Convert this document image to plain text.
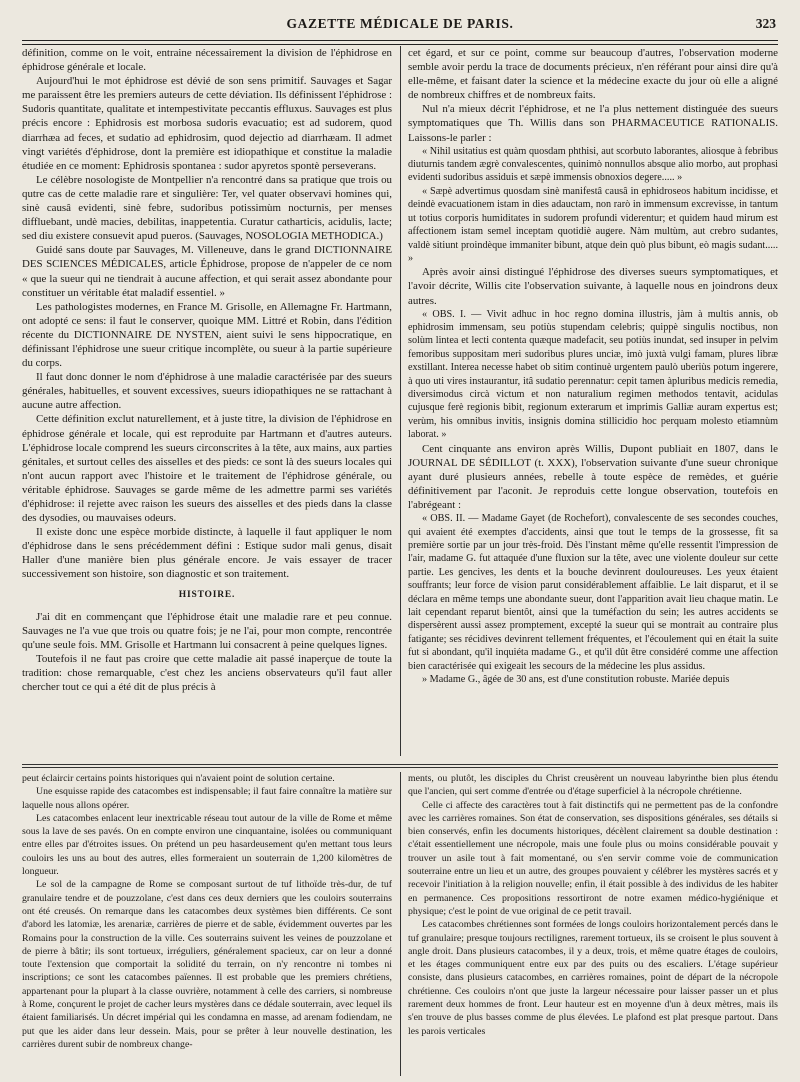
GAZETTE MÉDICALE DE PARIS.	323

définition, comme on le voit, entraine nécessairement la division de l'éphidrose en éphidrose générale et locale.

Aujourd'hui le mot éphidrose est dévié de son sens primitif. Sauvages et Sagar me paraissent être les premiers auteurs de cette déviation. Ils définissent l'éphidrose : Sudoris quantitate, qualitate et intempestivitate peccantis effluxus. Sauvages est plus précis encore : Ephidrosis est morbosa sudoris evacuatio; est ad sudorem, quod diarrhæa ad feces, et sudatio ad ephidrosim, quod dejectio ad diarrhæam. Il admet vingt variétés d'éphidrose, dont la première est idiopathique et constitue la maladie étudiée en ce moment: Ephidrosis spontanea : sudor apyretos spontè perseverans.

Le célèbre nosologiste de Montpellier n'a rencontré dans sa pratique que trois ou qutre cas de cette maladie rare et singulière: Ter, vel quater observavi homines qui, sinè causâ evidenti, sinè febre, sudoribus potissimùm nocturnis, per menses diffluebant, undè macies, debilitas, inappetentia. Curatur catharticis, acidulis, lacte; sed diu existere consuevit apud pueros. (Sauvages, NOSOLOGIA METHODICA.)

Guidé sans doute par Sauvages, M. Villeneuve, dans le grand DICTIONNAIRE DES SCIENCES MÉDICALES, article Éphidrose, propose de n'appeler de ce nom « que la sueur qui ne tiendrait à aucune affection, et qui serait assez abondante pour constituer un véritable état maladif essentiel. »

Les pathologistes modernes, en France M. Grisolle, en Allemagne Fr. Hartmann, ont adopté ce sens: il faut le conserver, quoique MM. Littré et Robin, dans l'édition récente du DICTIONNAIRE DE NYSTEN, aient suivi le sens hippocratique, en définissant l'éphidrose une sueur critique incomplète, ou sueur à la partie supérieure du corps.

Il faut donc donner le nom d'éphidrose à une maladie caractérisée par des sueurs générales, habituelles, et souvent excessives, sueurs idiopathiques ne se rattachant à aucune autre affection.

Cette définition exclut naturellement, et à juste titre, la division de l'éphidrose en éphidrose générale et locale, qui est reproduite par Hartmann et d'autres auteurs. L'éphidrose locale comprend les sueurs circonscrites à la tête, aux mains, aux parties génitales, et surtout celles des aisselles et des pieds: ce sont là des sueurs locales qui n'ont aucun rapport avec l'histoire et le traitement de l'éphidrose générale, ou véritable éphidrose. Sauvages se garde même de les admettre parmi ses variétés d'éphidrose: il rejette avec raison les sueurs des aisselles et des pieds dans la classe des dysodies, ou mauvaises odeurs.

Il existe donc une espèce morbide distincte, à laquelle il faut appliquer le nom d'éphidrose dans le sens précédemment défini : Estique sudor mali genus, disait Haller d'une manière bien plus générale encore. Je vais essayer de tracer successivement son histoire, son diagnostic et son traitement.

HISTOIRE.

J'ai dit en commençant que l'éphidrose était une maladie rare et peu connue. Sauvages ne l'a vue que trois ou quatre fois; je ne l'ai, pour mon compte, rencontrée qu'une seule fois. MM. Grisolle et Hartmann lui consacrent à peine quelques lignes.

Toutefois il ne faut pas croire que cette maladie ait passé inaperçue de toute la tradition: chose remarquable, c'est chez les anciens observateurs qu'il faut aller chercher tout ce qui a été dit de plus précis à

cet égard, et sur ce point, comme sur beaucoup d'autres, l'observation moderne semble avoir perdu la trace de documents précieux, n'en référant pour ainsi dire qu'à elle-même, et faisant dater la science et la médecine exacte du jour où elle a aligné de nombreux chiffres et de nombreux faits.

Nul n'a mieux décrit l'éphidrose, et ne l'a plus nettement distinguée des sueurs symptomatiques que Th. Willis dans son PHARMACEUTICE RATIONALIS. Laissons-le parler :

« Nihil usitatius est quàm quosdam phthisi, aut scorbuto laborantes, aliosque à febribus diuturnis tandem ægrè convalescentes, quinimò nonnullos absque alio morbo, aut prophasi evidenti sudoribus assiduis et sæpè immensis obnoxios degere..... »

« Sæpè advertimus quosdam sinè manifestâ causâ in ephidroseos habitum incidisse, et deindè evacuationem istam in dies adauctam, non rarò in immensum excrevisse, in tantum ut totius corporis humiditates in sudorem profundi viderentur; et quidem haud mirum est affectionem istam semel inceptam quotidiè augere. Nàm multùm, aut crebro sudantes, valdè sitiunt proindèque immaniter bibunt, atque dein quò plus bibunt, eò magis sudant..... »

Après avoir ainsi distingué l'éphidrose des diverses sueurs symptomatiques, et l'avoir décrite, Willis cite l'observation suivante, à laquelle nous en joindrons deux autres.

« OBS. I. — Vivit adhuc in hoc regno domina illustris, jàm à multis annis, ob ephidrosim immensam, seu potiùs stupendam celebris; quippè singulis noctibus, non solùm lintea et lecti contenta quæque madefacit, seu potiùs inundat, sed insuper in pelvim femoribus suppositam meri sudoribus plures unciæ, imò juxtà vulgi famam, plures libræ exstillant. Interea necesse habet ob sitim continuè urgentem paulò uberiùs potum ingerere, à quo uti vires instaurantur, itâ sudatio perennatur: cepit tamen àpluribus medicis remedia, diversimodus circà victum et non naturalium regimen methodos tentavit, acidulas cujusque ferè regionis bibit, regionum exterarum et imprimis Galliæ auram expertus est; verùm, his omnibus invitis, insignis domina stillicidio hoc perquam molesto etiamnùm laborat. »

Cent cinquante ans environ après Willis, Dupont publiait en 1807, dans le JOURNAL DE SÉDILLOT (t. XXX), l'observation suivante d'une sueur chronique ayant duré plusieurs années, rebelle à toute espèce de remèdes, et guérie définitivement par l'aconit. Je reproduis cette longue observation, toutefois en l'abrégeant :

« OBS. II. — Madame Gayet (de Rochefort), convalescente de ses secondes couches, qui avaient été exemptes d'accidents, ainsi que tout le temps de la grossesse, fit sa première sortie par un jour très-froid. Dès l'instant même qu'elle ressentit l'impression de l'air, madame G. fut attaquée d'une fluxion sur la tête, avec une violente douleur sur cette partie. Les gencives, les dents et la bouche devinrent douloureuses. Les yeux étaient souffrants; leur force de vision parut considérablement affaiblie. Le lait disparut, et il se déclara en même temps une abondante sueur, dont l'apparition avait lieu chaque matin. Le lait cependant reparut bientôt, ainsi que la tuméfaction du sein; les autres accidents se dispersèrent aussi assez promptement, excepté la sueur qui se montrait au contraire plus fatigante; ses récidives devinrent tellement fréquentes, et l'écoulement qui en était la suite fut si abondant, qu'il inquiéta madame G., et qu'il dût être considéré comme une affection bien caractérisée qui exigeait les secours de la médecine les plus assidus.

» Madame G., âgée de 30 ans, est d'une constitution robuste. Mariée depuis

peut éclaircir certains points historiques qui n'avaient point de solution certaine.

Une esquisse rapide des catacombes est indispensable; il faut faire connaître la matière sur laquelle nous allons opérer.

Les catacombes enlacent leur inextricable réseau tout autour de la ville de Rome et même sous la lave de ses pavés. On en compte environ une cinquantaine, isolées ou communiquant entre elles par d'étroites issues. On prétend un peu hasardeusement qu'en mettant tous leurs couloirs les uns au bout des autres, elles formeraient un souterrain de 1,200 kilomètres de longueur.

Le sol de la campagne de Rome se composant surtout de tuf lithoïde très-dur, de tuf granulaire tendre et de pouzzolane, c'est dans ces deux derniers que les couloirs souterrains ont été creusés. On remarque dans les catacombes deux systèmes bien différents. Ce sont d'abord les latomiæ, les arenariæ, carrières de pierre et de sable, évidemment ouvertes par les Romains pour la construction de la ville. Ces souterrains suivent les veines de pouzzolane et de pierre à bâtir; ils sont tortueux, irréguliers, généralement spacieux, car on leur a donné toute l'extension que comportait la solidité du terrain, on n'y rencontre ni tombes ni inscriptions; ce sont les catacombes païennes. Il est probable que les premiers chrétiens, appartenant pour la plupart à la classe ouvrière, notamment à celle des carriers, si nombreuse à Rome, conçurent le projet de cacher leurs mystères dans ce dédale souterrain, avec lequel ils étaient familiarisés. Un décret impérial qui les condamna en masse, ad arenam fodiendam, ne put que les aider dans leur dessein. Mais, pour se prêter à leur nouvelle destination, les carrières durent subir de nombreux change-

ments, ou plutôt, les disciples du Christ creusèrent un nouveau labyrinthe bien plus étendu que l'ancien, qui sert comme d'entrée ou d'étage superficiel à la nécropole chrétienne.

Celle ci affecte des caractères tout à fait distinctifs qui ne permettent pas de la confondre avec les carrières romaines. Son état de conservation, ses dispositions générales, ses détails si bien conservés, enfin les documents historiques, décèlent clairement sa double destination : c'était essentiellement une nécropole, mais une foule plus ou moins considérable pouvait y trouver un asile tout à fait momentané, ou s'en servir comme voie de communication souterraine entre un lieu et un autre, des groupes pouvaient y célébrer les mystères sacrés et y recevoir l'initiation à la religion nouvelle; enfin, il était possible à des individus de les habiter en permanence. Ces propositions ressortiront de notre examen médico-hygiénique et physique; c'est le point de vue original de ce petit travail.

Les catacombes chrétiennes sont formées de longs couloirs horizontalement percés dans le tuf granulaire; presque toujours rectilignes, rarement tortueux, ils se croisent le plus souvent à angle droit. Dans plusieurs catacombes, il y a deux, trois, et même quatre étages de couloirs, et les étages communiquent entre eux par des puits ou des escaliers. L'étage supérieur consiste, dans plusieurs catacombes, en carrières romaines, point de départ de la nécropole chrétienne. Ces couloirs n'ont que juste la largeur nécessaire pour laisser passer un et plus rarement deux hommes de front. Leur hauteur est en moyenne d'un à deux mètres, mais ils s'en trouve de plus basses comme de plus élevées. Le plafond est plat presque partout. Dans les parois verticales
